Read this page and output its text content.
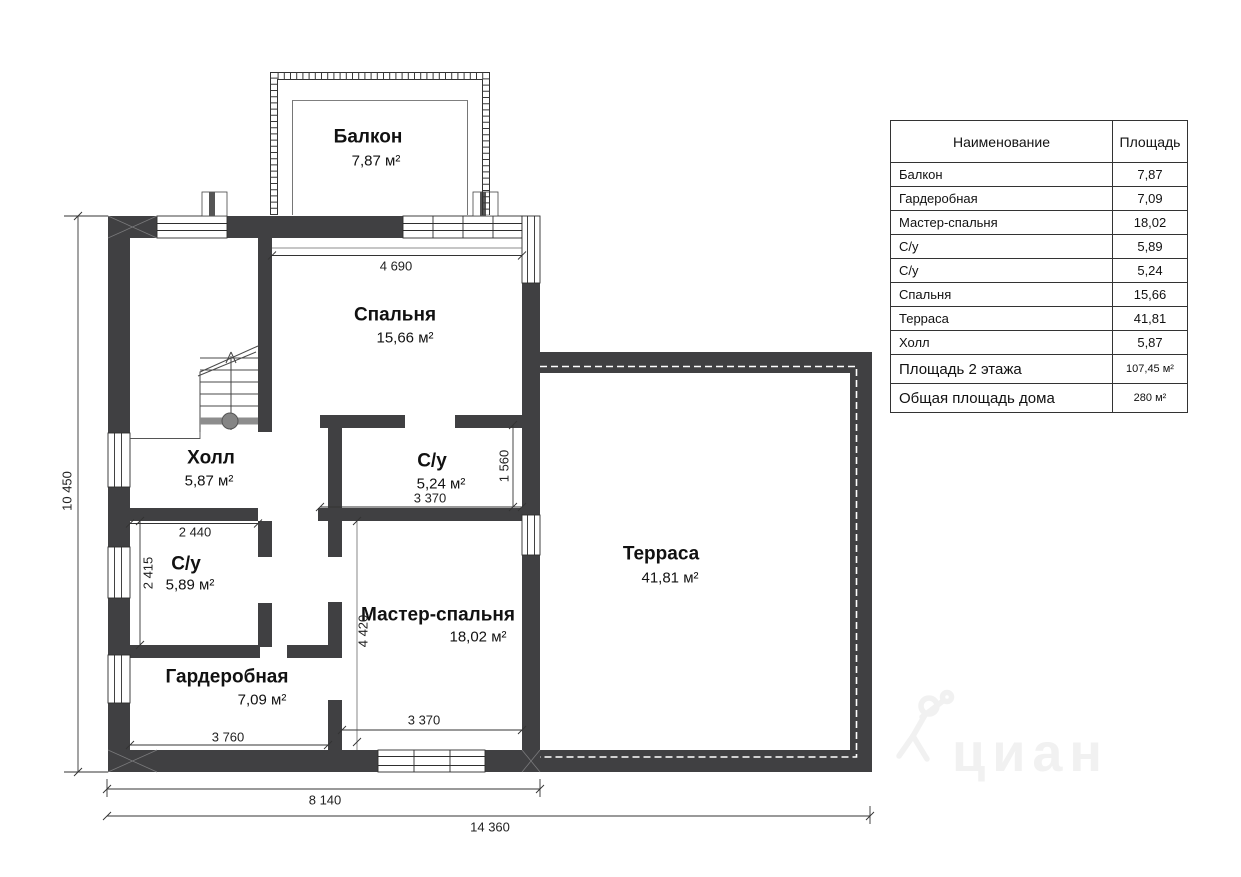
Балкон
7,87 м²
Спальня
15,66 м²
Холл
5,87 м²
С/у
5,24 м²
С/у
5,89 м²
Гардеробная
7,09 м²
Мастер-спальня
18,02 м²
Терраса
41,81 м²
4 690
10 450
1 560
3 370
2 440
2 415
4 420
3 370
3 760
8 140
14 360
Наименование	Площадь
Балкон	7,87
Гардеробная	7,09
Мастер-спальня	18,02
С/у	5,89
С/у	5,24
Спальня	15,66
Терраса	41,81
Холл	5,87
Площадь 2 этажа	107,45 м²
Общая площадь дома	280 м²
циан
